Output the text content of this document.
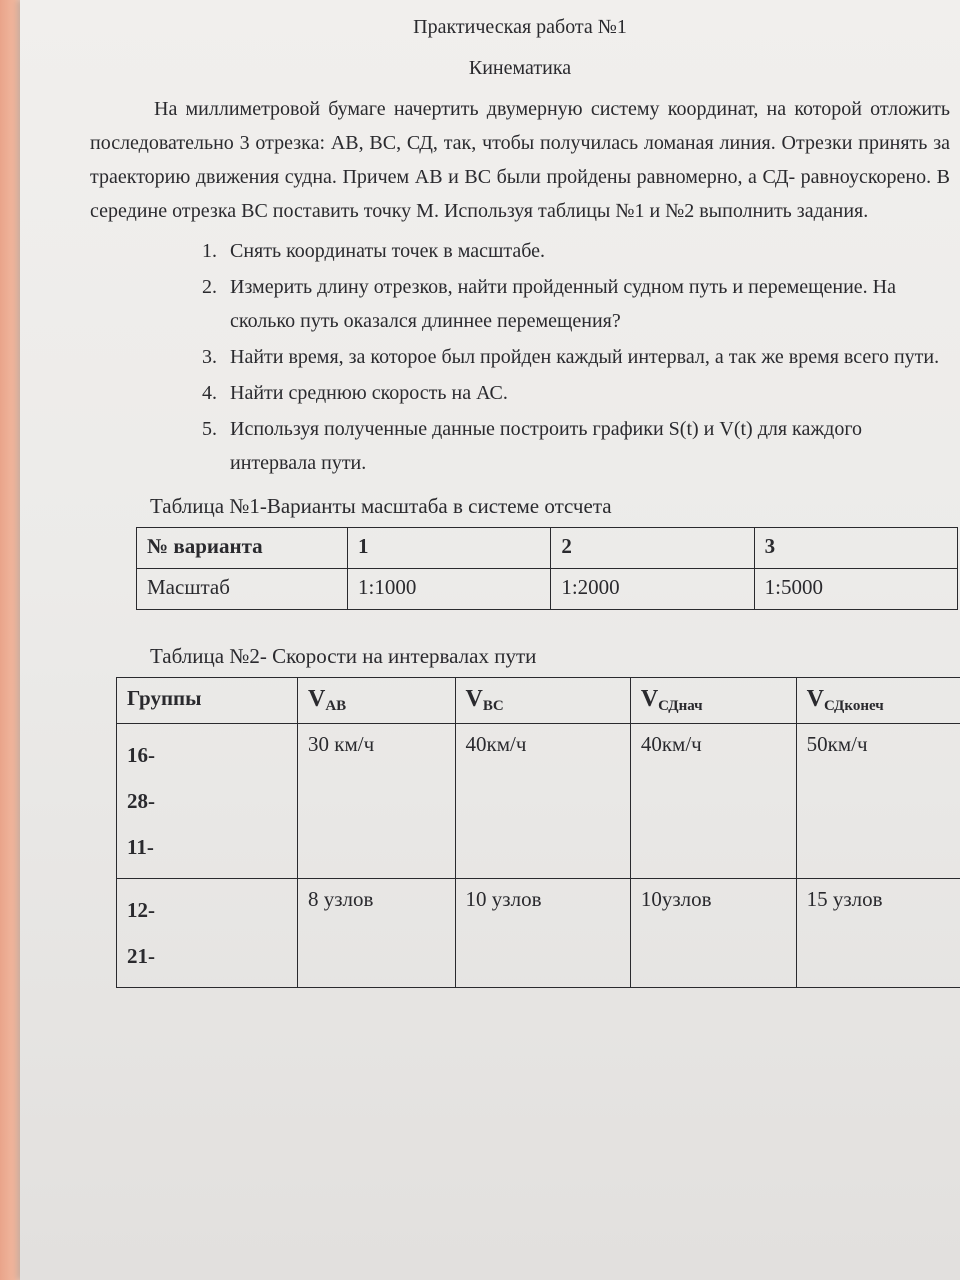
Практическая работа №1

Кинематика

На миллиметровой бумаге начертить двумерную систему координат, на которой отложить последовательно 3 отрезка: АВ, ВС, СД, так, чтобы получилась ломаная линия. Отрезки принять за траекторию движения судна. Причем АВ и ВС были пройдены равномерно, а СД- равноускорено. В середине отрезка ВС поставить точку М. Используя таблицы №1 и №2 выполнить задания.

1. Снять координаты точек в масштабе.
2. Измерить длину отрезков, найти пройденный судном путь и перемещение. На сколько путь оказался длиннее перемещения?
3. Найти время, за которое был пройден каждый интервал, а так же время всего пути.
4. Найти среднюю скорость на АС.
5. Используя полученные данные построить графики S(t) и V(t) для каждого интервала пути.

Таблица №1-Варианты масштаба в системе отсчета

№ варианта	1	2	3
Масштаб	1:1000	1:2000	1:5000

Таблица №2- Скорости на интервалах пути

Группы	$V_{AB}$	$V_{BC}$	$V_{СДнач}$	$V_{СДконеч}$

16-
28-
11-	30 км/ч	40км/ч	40км/ч	50км/ч

12-
21-	8 узлов	10 узлов	10узлов	15 узлов
